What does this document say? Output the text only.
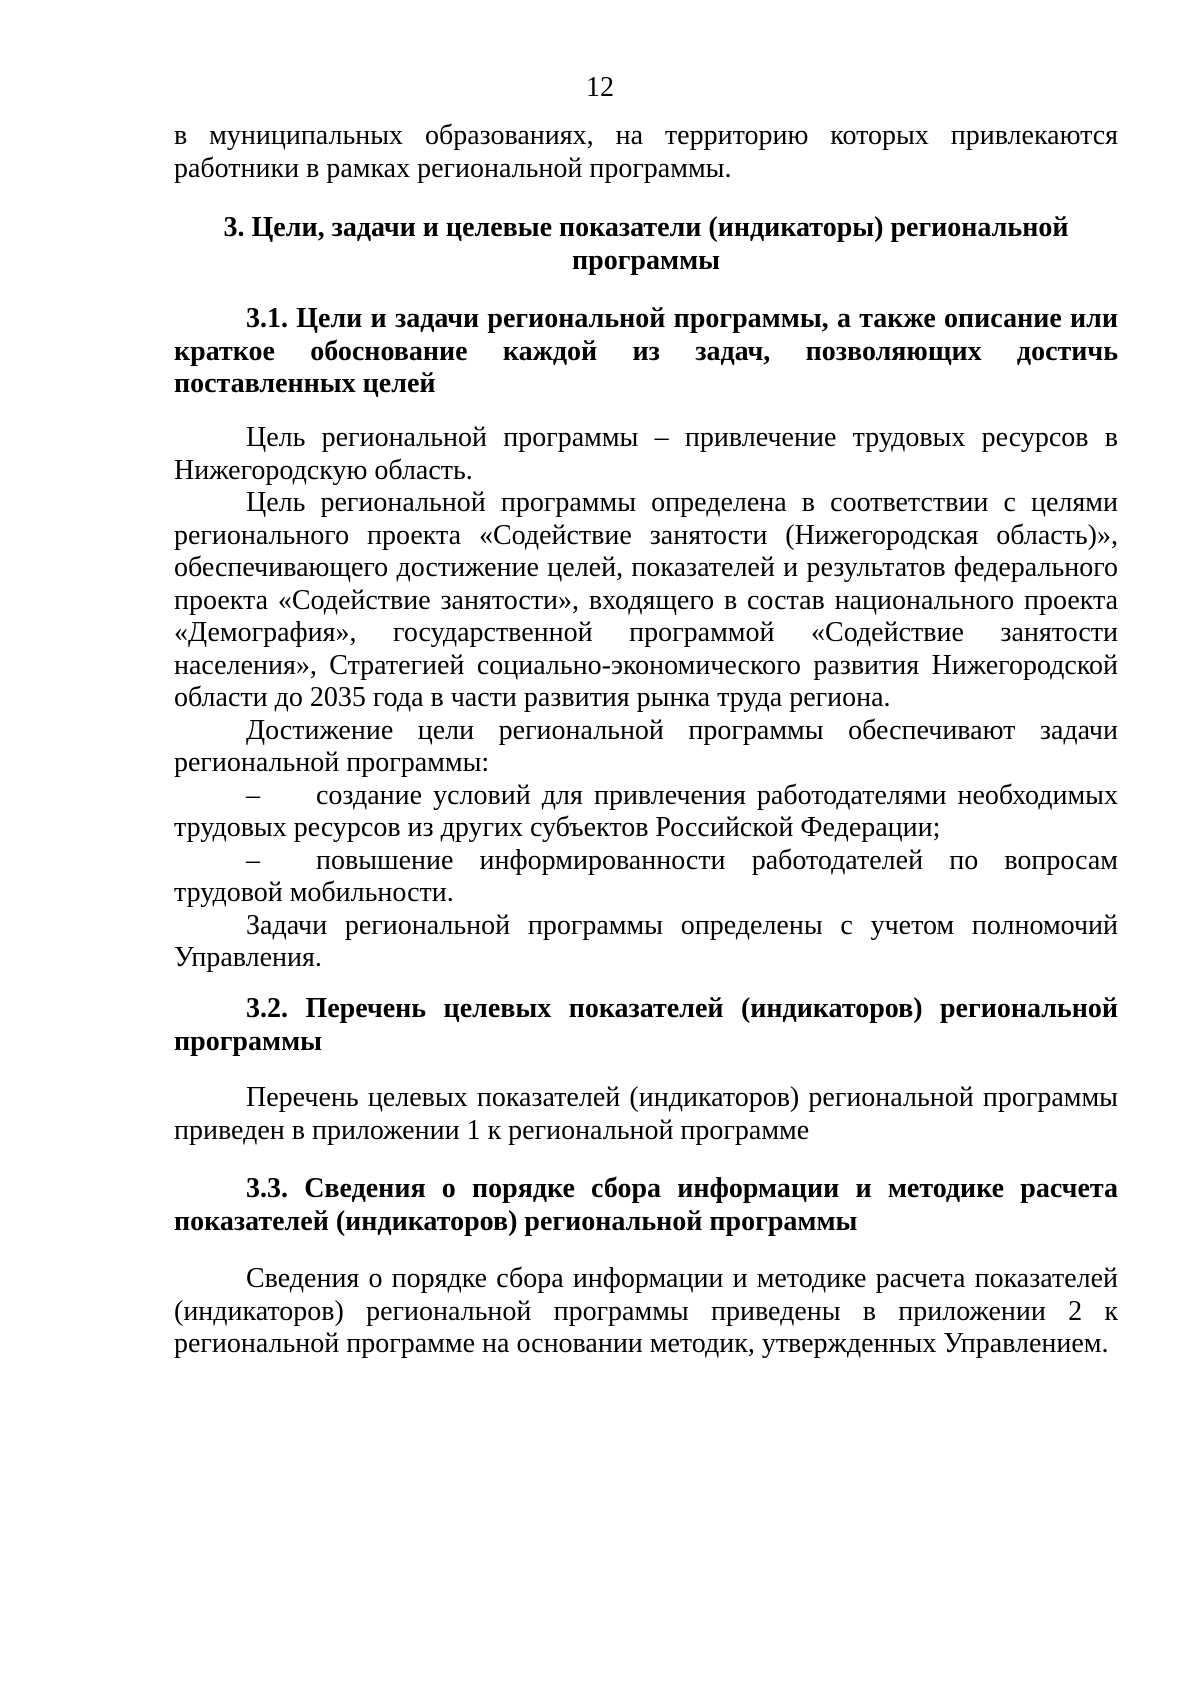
12

в муниципальных образованиях, на территорию которых привлекаются работники в рамках региональной программы.

3. Цели, задачи и целевые показатели (индикаторы) региональной
программы
3.1. Цели и задачи региональной программы, а также описание или краткое обоснование каждой из задач, позволяющих достичь поставленных целей

Цель региональной программы – привлечение трудовых ресурсов в Нижегородскую область.

Цель региональной программы определена в соответствии с целями регионального проекта «Содействие занятости (Нижегородская область)», обеспечивающего достижение целей, показателей и результатов федерального проекта «Содействие занятости», входящего в состав национального проекта «Демография», государственной программой «Содействие занятости населения», Стратегией социально-экономического развития Нижегородской области до 2035 года в части развития рынка труда региона.

Достижение цели региональной программы обеспечивают задачи региональной программы:

– создание условий для привлечения работодателями необходимых трудовых ресурсов из других субъектов Российской Федерации;

– повышение информированности работодателей по вопросам трудовой мобильности.

Задачи региональной программы определены с учетом полномочий Управления.

3.2. Перечень целевых показателей (индикаторов) региональной программы

Перечень целевых показателей (индикаторов) региональной программы приведен в приложении 1 к региональной программе

3.3. Сведения о порядке сбора информации и методике расчета показателей (индикаторов) региональной программы

Сведения о порядке сбора информации и методике расчета показателей (индикаторов) региональной программы приведены в приложении 2 к региональной программе на основании методик, утвержденных Управлением.
